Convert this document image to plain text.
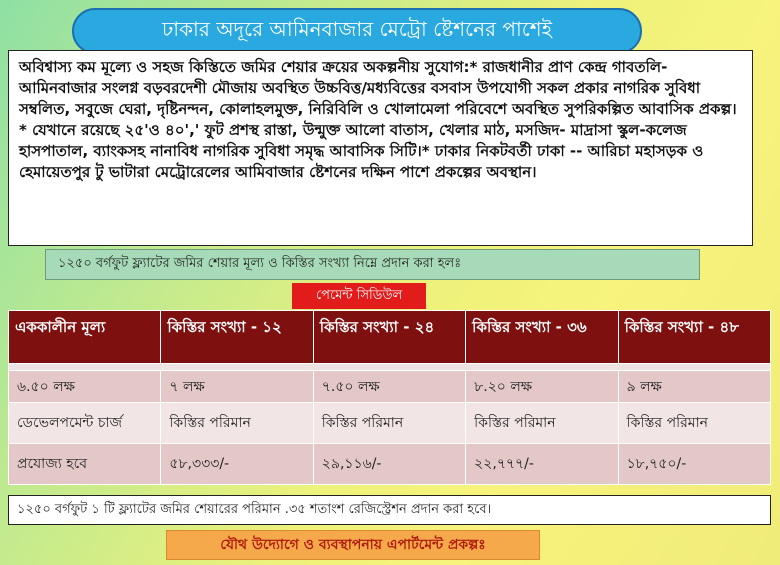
ঢাকার অদূরে আমিনবাজার মেট্রো ষ্টেশনের পাশেই
অবিশ্বাস্য কম মূল্যে ও সহজ কিস্তিতে জমির শেয়ার ক্রয়ের অকল্পনীয় সুযোগ:* রাজধানীর প্রাণ কেন্দ্র গাবতলি-আমিনবাজার সংলগ্ন বড়বরদেশী মৌজায় অবস্থিত উচ্চবিত্ত/মধ্যবিত্তের বসবাস উপযোগী সকল প্রকার নাগরিক সুবিধা সম্বলিত, সবুজে ঘেরা, দৃষ্টিনন্দন, কোলাহলমুক্ত, নিরিবিলি ও খোলামেলা পরিবেশে অবস্থিত সুপরিকল্পিত আবাসিক প্রকল্প।* যেখানে রয়েছে ২৫'ও ৪০',' ফুট প্রশস্থ রাস্তা, উন্মুক্ত আলো বাতাস, খেলার মাঠ, মসজিদ- মাদ্রাসা স্কুল-কলেজ হাসপাতাল, ব্যাংকসহ নানাবিধ নাগরিক সুবিধা সমৃদ্ধ আবাসিক সিটি।* ঢাকার নিকটবর্তী ঢাকা -- আরিচা মহাসড়ক ও হেমায়েতপুর টু ভাটারা মেট্রোরেলের আমিবাজার ষ্টেশনের দক্ষিন পাশে প্রকল্পের অবস্থান।
১২৫০ বর্গফুট ফ্ল্যাটের জমির শেয়ার মূল্য ও কিস্তির সংখ্যা নিম্নে প্রদান করা হলঃ
পেমেন্ট সিডিউল
এককালীন মূল্য	কিস্তির সংখ্যা - ১২	কিস্তির সংখ্যা - ২৪	কিস্তির সংখ্যা - ৩৬	কিস্তির সংখ্যা - ৪৮

৬.৫০ লক্ষ	৭ লক্ষ	৭.৫০ লক্ষ	৮.২০ লক্ষ	৯ লক্ষ
ডেভেলপমেন্ট চার্জ	কিস্তির পরিমান	কিস্তির পরিমান	কিস্তির পরিমান	কিস্তির পরিমান
প্রযোজ্য হবে	৫৮,৩৩৩/-	২৯,১১৬/-	২২,৭৭৭/-	১৮,৭৫০/-
১২৫০ বর্গফুট ১ টি ফ্ল্যাটের জমির শেয়ারের পরিমান .৩৫ শতাংশ রেজিস্ট্রেশন প্রদান করা হবে।
যৌথ উদ্যোগে ও ব্যবস্থাপনায় এপার্টমেন্ট প্রকল্পঃ
